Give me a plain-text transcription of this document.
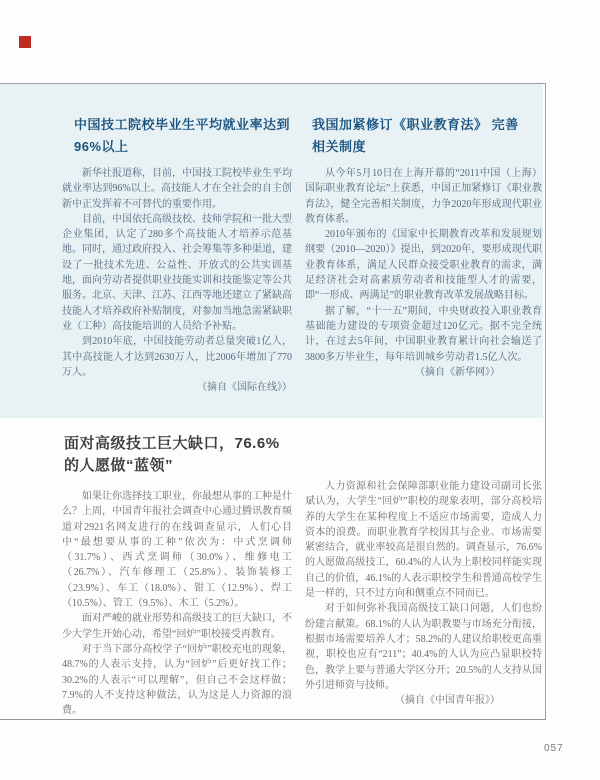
中国技工院校毕业生平均就业率达到96%以上

新华社报道称，目前，中国技工院校毕业生平均就业率达到96%以上。高技能人才在全社会的自主创新中正发挥着不可替代的重要作用。

目前，中国依托高级技校、技师学院和一批大型企业集团，认定了280多个高技能人才培养示范基地。同时，通过政府投入、社会筹集等多种渠道，建设了一批技术先进、公益性、开放式的公共实训基地，面向劳动者提供职业技能实训和技能鉴定等公共服务。北京、天津、江苏、江西等地还建立了紧缺高技能人才培养政府补贴制度，对参加当地急需紧缺职业（工种）高技能培训的人员给予补贴。

到2010年底，中国技能劳动者总量突破1亿人，其中高技能人才达到2630万人，比2006年增加了770万人。

（摘自《国际在线》）

我国加紧修订《职业教育法》 完善相关制度

从今年5月10日在上海开幕的“2011中国（上海）国际职业教育论坛”上获悉，中国正加紧修订《职业教育法》，健全完善相关制度，力争2020年形成现代职业教育体系。

2010年颁布的《国家中长期教育改革和发展规划纲要（2010—2020）》提出，到2020年，要形成现代职业教育体系，满足人民群众接受职业教育的需求，满足经济社会对高素质劳动者和技能型人才的需要，即“一形成、两满足”的职业教育改革发展战略目标。

据了解，“十一五”期间，中央财政投入职业教育基础能力建设的专项资金超过120亿元。据不完全统计，在过去5年间，中国职业教育累计向社会输送了3800多万毕业生，每年培训城乡劳动者1.5亿人次。

（摘自《新华网》）

面对高级技工巨大缺口，76.6%的人愿做“蓝领”

如果让你选择技工职业，你最想从事的工种是什么？上周，中国青年报社会调查中心通过腾讯教育频道对2921名网友进行的在线调查显示，人们心目中“最想要从事的工种”依次为：中式烹调师（31.7%）、西式烹调师（30.0%）、维修电工（26.7%）、汽车修理工（25.8%）、装饰装修工（23.9%）、车工（18.0%）、钳工（12.9%）、焊工（10.5%）、管工（9.5%）、木工（5.2%）。

面对严峻的就业形势和高级技工的巨大缺口，不少大学生开始心动，希望“回炉”职校接受再教育。

对于当下部分高校学子“回炉”职校充电的现象，48.7%的人表示支持，认为“回炉”后更好找工作；30.2%的人表示“可以理解”，但自己不会这样做；7.9%的人不支持这种做法，认为这是人力资源的浪费。

人力资源和社会保障部职业能力建设司副司长张斌认为，大学生“回炉”职校的现象表明，部分高校培养的大学生在某种程度上不适应市场需要，造成人力资本的浪费。而职业教育学校因其与企业、市场需要紧密结合，就业率较高是很自然的。调查显示，76.6%的人愿做高级技工，60.4%的人认为上职校同样能实现自己的价值，46.1%的人表示职校学生和普通高校学生是一样的，只不过方向和侧重点不同而已。

对于如何弥补我国高级技工缺口问题，人们也纷纷建言献策。68.1%的人认为职教要与市场充分衔接，根据市场需要培养人才；58.2%的人建议给职校更高重视，职校也应有“211”；40.4%的人认为应凸显职校特色，教学上要与普通大学区分开；20.5%的人支持从国外引进师资与技师。

（摘自《中国青年报》）

057
